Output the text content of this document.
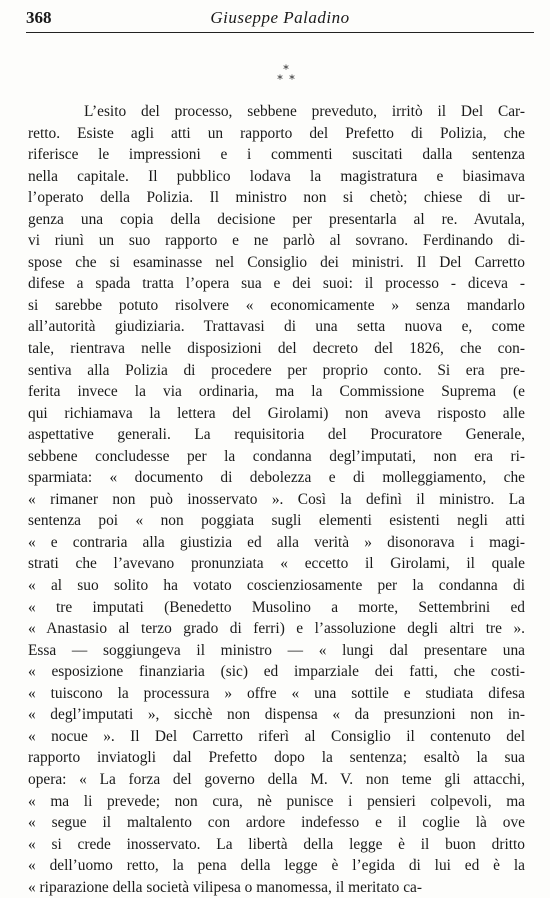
368	Giuseppe Paladino
*
* *
L’esito del processo, sebbene preveduto, irritò il Del Car-
retto. Esiste agli atti un rapporto del Prefetto di Polizia, che
riferisce le impressioni e i commenti suscitati dalla sentenza
nella capitale. Il pubblico lodava la magistratura e biasimava
l’operato della Polizia. Il ministro non si chetò; chiese di ur-
genza una copia della decisione per presentarla al re. Avutala,
vi riunì un suo rapporto e ne parlò al sovrano. Ferdinando di-
spose che si esaminasse nel Consiglio dei ministri. Il Del Carretto
difese a spada tratta l’opera sua e dei suoi: il processo - diceva -
si sarebbe potuto risolvere « economicamente » senza mandarlo
all’autorità giudiziaria. Trattavasi di una setta nuova e, come
tale, rientrava nelle disposizioni del decreto del 1826, che con-
sentiva alla Polizia di procedere per proprio conto. Si era pre-
ferita invece la via ordinaria, ma la Commissione Suprema (e
qui richiamava la lettera del Girolami) non aveva risposto alle
aspettative generali. La requisitoria del Procuratore Generale,
sebbene concludesse per la condanna degl’imputati, non era ri-
sparmiata: « documento di debolezza e di molleggiamento, che
« rimaner non può inosservato ». Così la definì il ministro. La
sentenza poi « non poggiata sugli elementi esistenti negli atti
« e contraria alla giustizia ed alla verità » disonorava i magi-
strati che l’avevano pronunziata « eccetto il Girolami, il quale
« al suo solito ha votato coscienziosamente per la condanna di
« tre imputati (Benedetto Musolino a morte, Settembrini ed
« Anastasio al terzo grado di ferri) e l’assoluzione degli altri tre ».
Essa — soggiungeva il ministro — « lungi dal presentare una
« esposizione finanziaria (sic) ed imparziale dei fatti, che costi-
« tuiscono la processura » offre « una sottile e studiata difesa
« degl’imputati », sicchè non dispensa « da presunzioni non in-
« nocue ». Il Del Carretto riferì al Consiglio il contenuto del
rapporto inviatogli dal Prefetto dopo la sentenza; esaltò la sua
opera: « La forza del governo della M. V. non teme gli attacchi,
« ma li prevede; non cura, nè punisce i pensieri colpevoli, ma
« segue il maltalento con ardore indefesso e il coglie là ove
« si crede inosservato. La libertà della legge è il buon dritto
« dell’uomo retto, la pena della legge è l’egida di lui ed è la
« riparazione della società vilipesa o manomessa, il meritato ca-
